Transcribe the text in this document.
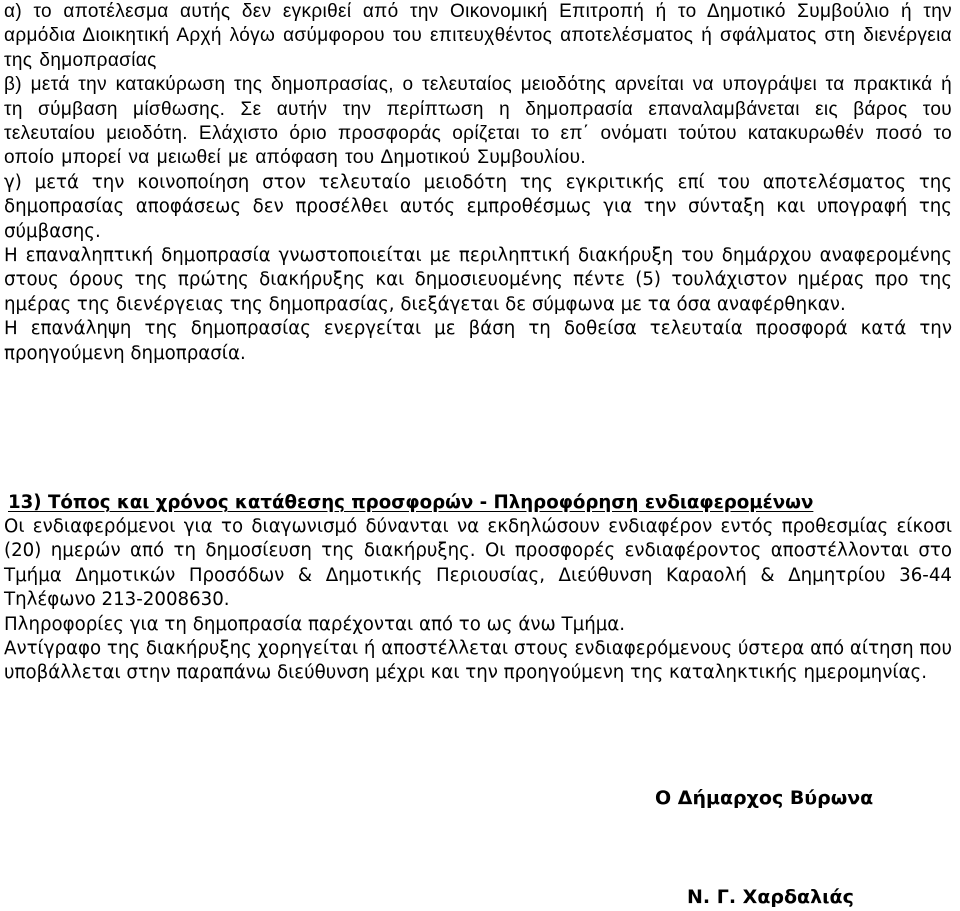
α) το αποτέλεσμα αυτής δεν εγκριθεί από την Οικονομική Επιτροπή ή το Δημοτικό Συμβούλιο ή την αρμόδια Διοικητική Αρχή λόγω ασύμφορου του επιτευχθέντος αποτελέσματος ή σφάλματος στη διενέργεια της δημοπρασίας

β) μετά την κατακύρωση της δημοπρασίας, ο τελευταίος μειοδότης αρνείται να υπογράψει τα πρακτικά ή τη σύμβαση μίσθωσης. Σε αυτήν την περίπτωση η δημοπρασία επαναλαμβάνεται εις βάρος του τελευταίου μειοδότη. Ελάχιστο όριο προσφοράς ορίζεται το επ΄ ονόματι τούτου κατακυρωθέν ποσό το οποίο μπορεί να μειωθεί με απόφαση του Δημοτικού Συμβουλίου.

γ) μετά την κοινοποίηση στον τελευταίο μειοδότη της εγκριτικής επί του αποτελέσματος της δημοπρασίας αποφάσεως δεν προσέλθει αυτός εμπροθέσμως για την σύνταξη και υπογραφή της σύμβασης.

Η επαναληπτική δημοπρασία γνωστοποιείται με περιληπτική διακήρυξη του δημάρχου αναφερομένης στους όρους της πρώτης διακήρυξης και δημοσιευομένης πέντε (5) τουλάχιστον ημέρας προ της ημέρας της διενέργειας της δημοπρασίας, διεξάγεται δε σύμφωνα με τα όσα αναφέρθηκαν.

Η επανάληψη της δημοπρασίας ενεργείται με βάση τη δοθείσα τελευταία προσφορά κατά την προηγούμενη δημοπρασία.

13) Τόπος και χρόνος κατάθεσης προσφορών - Πληροφόρηση ενδιαφερομένων

Οι ενδιαφερόμενοι για το διαγωνισμό δύνανται να εκδηλώσουν ενδιαφέρον εντός προθεσμίας είκοσι (20) ημερών από τη δημοσίευση της διακήρυξης. Οι προσφορές ενδιαφέροντος αποστέλλονται στο Τμήμα Δημοτικών Προσόδων & Δημοτικής Περιουσίας, Διεύθυνση Καραολή & Δημητρίου 36-44 Τηλέφωνο 213-2008630.

Πληροφορίες για τη δημοπρασία παρέχονται από το ως άνω Τμήμα.

Αντίγραφο της διακήρυξης χορηγείται ή αποστέλλεται στους ενδιαφερόμενους ύστερα από αίτηση που υποβάλλεται στην παραπάνω διεύθυνση μέχρι και την προηγούμενη της καταληκτικής ημερομηνίας.

Ο Δήμαρχος Βύρωνα

Ν. Γ. Χαρδαλιάς
